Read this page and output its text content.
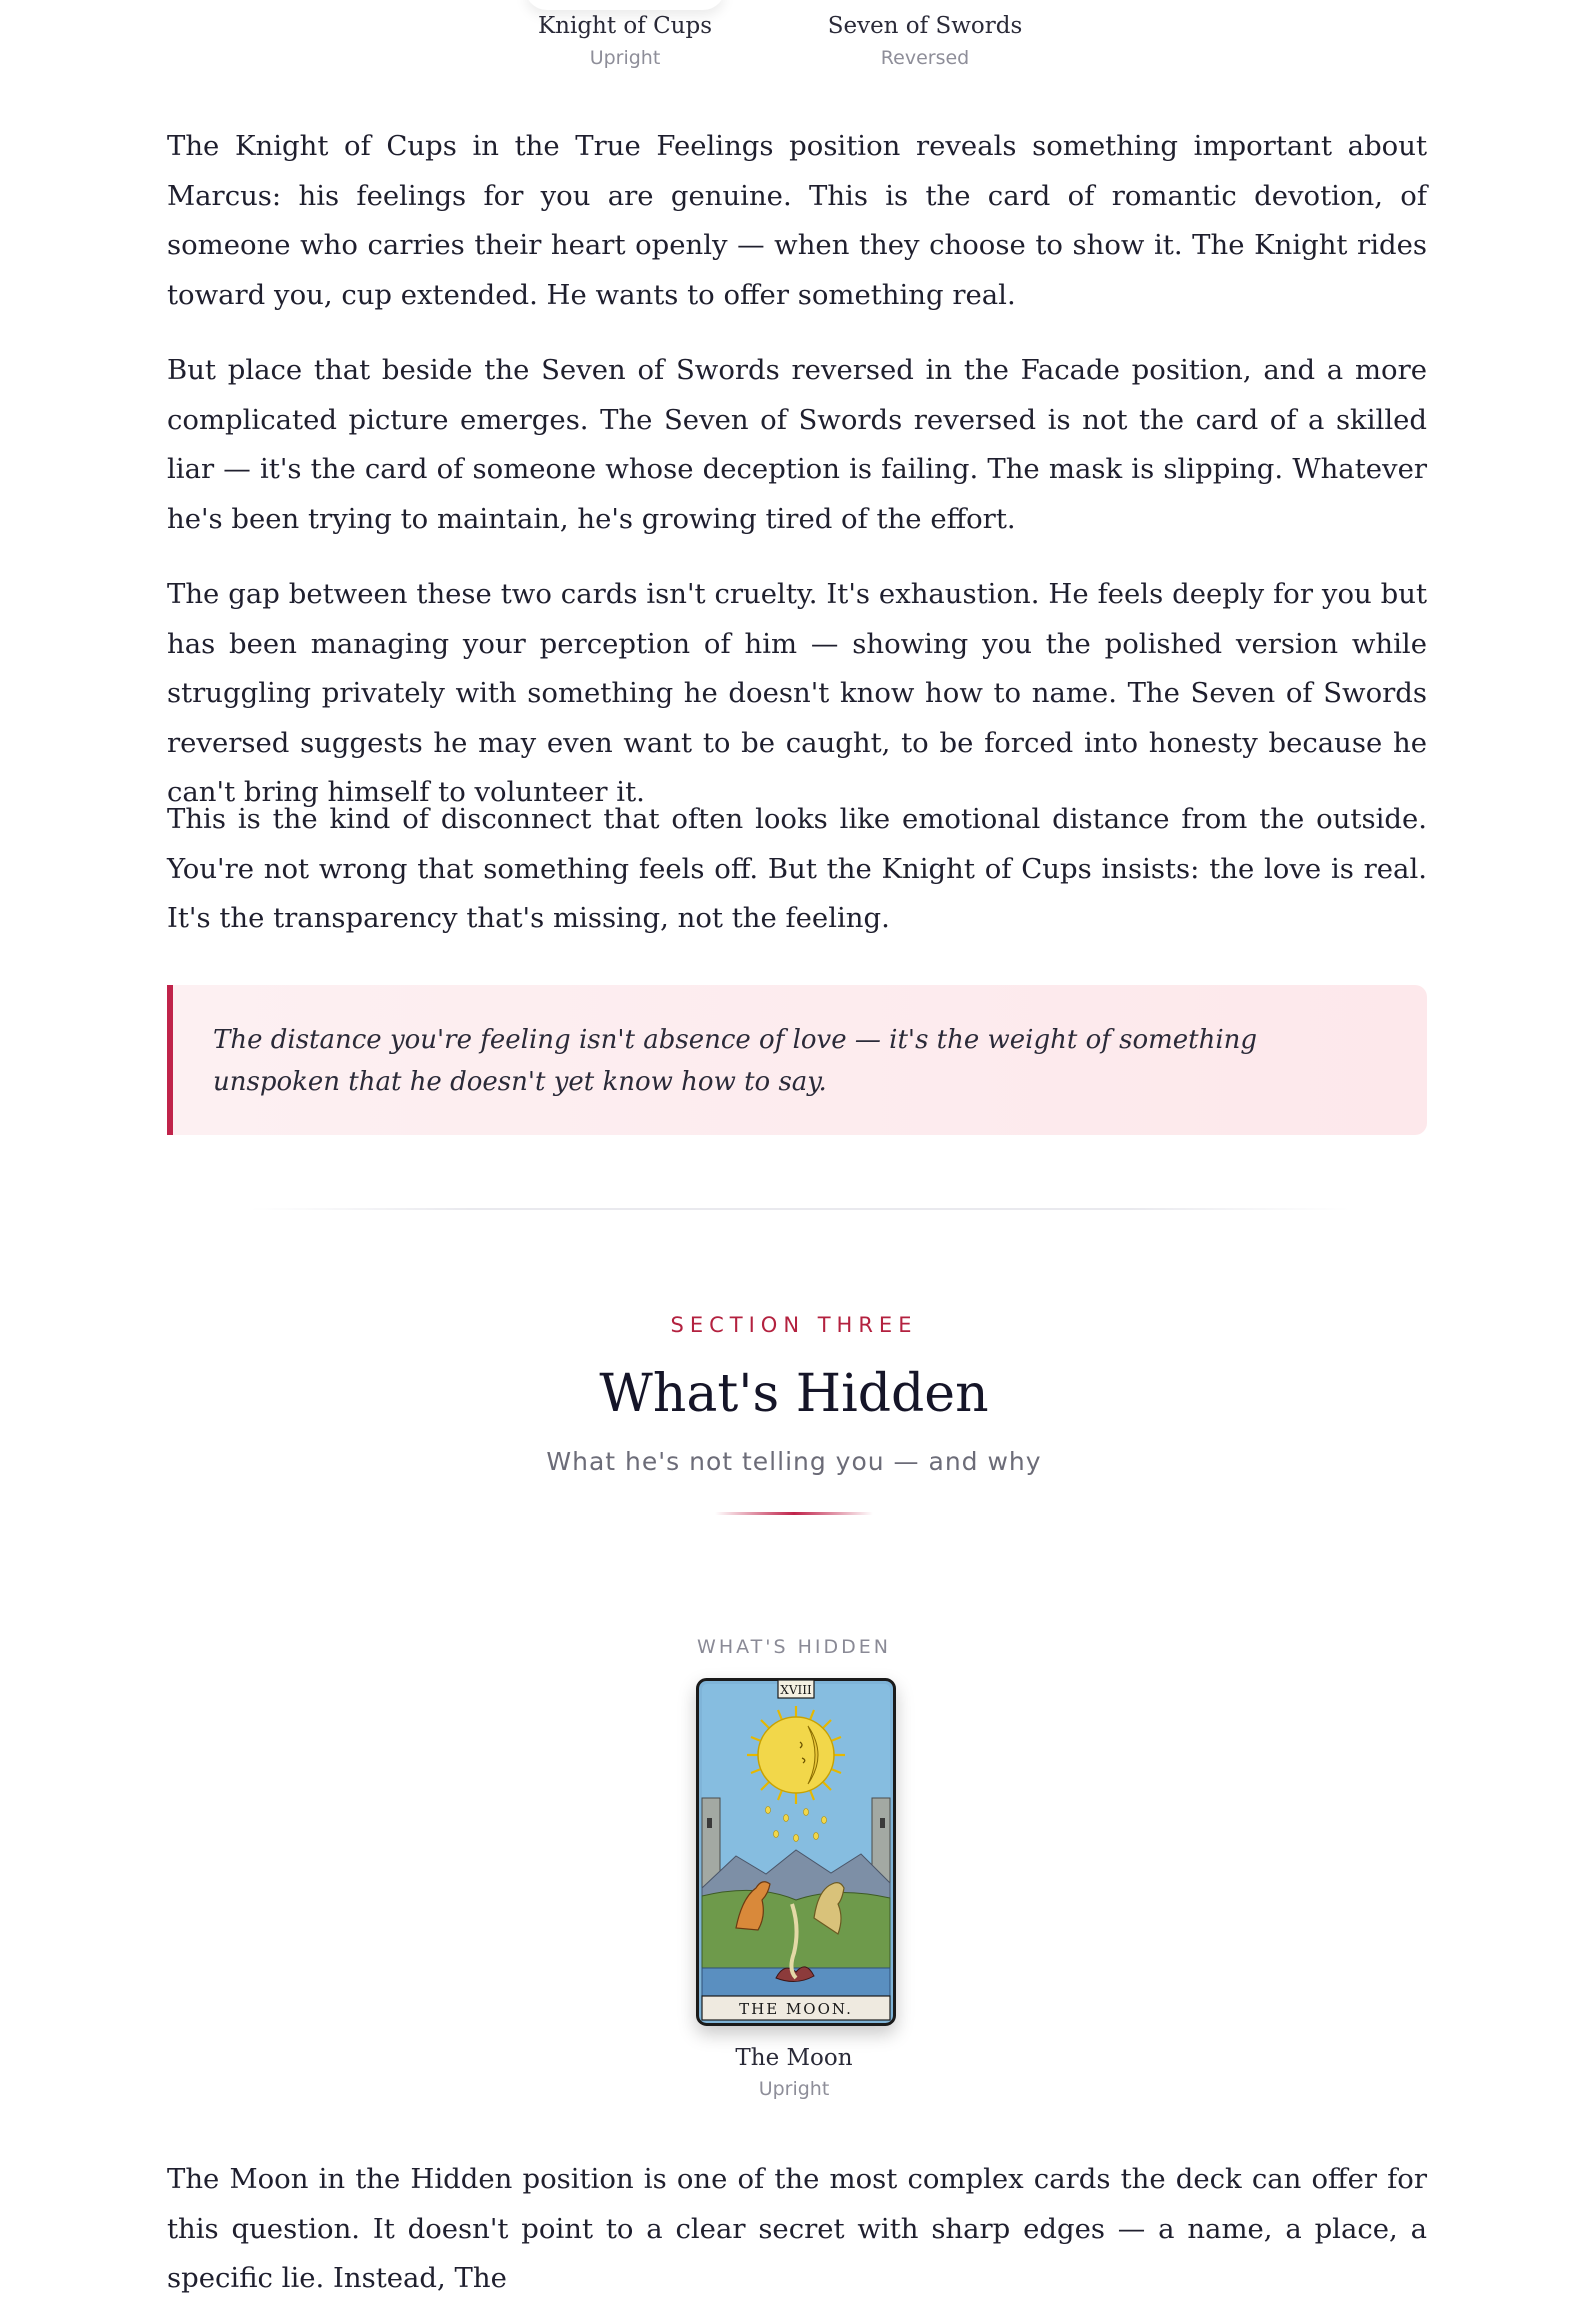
Knight of Cups
Upright
Seven of Swords
Reversed

The Knight of Cups in the True Feelings position reveals something important about Marcus: his feelings for you are genuine. This is the card of romantic devotion, of someone who carries their heart openly — when they choose to show it. The Knight rides toward you, cup extended. He wants to offer something real.

But place that beside the Seven of Swords reversed in the Facade position, and a more complicated picture emerges. The Seven of Swords reversed is not the card of a skilled liar — it's the card of someone whose deception is failing. The mask is slipping. Whatever he's been trying to maintain, he's growing tired of the effort.

The gap between these two cards isn't cruelty. It's exhaustion. He feels deeply for you but has been managing your perception of him — showing you the polished version while struggling privately with something he doesn't know how to name. The Seven of Swords reversed suggests he may even want to be caught, to be forced into honesty because he can't bring himself to volunteer it.

This is the kind of disconnect that often looks like emotional distance from the outside. You're not wrong that something feels off. But the Knight of Cups insists: the love is real. It's the transparency that's missing, not the feeling.

The distance you're feeling isn't absence of love — it's the weight of something unspoken that he doesn't yet know how to say.
SECTION THREE
What's Hidden
What he's not telling you — and why
WHAT'S HIDDEN
XVIII
THE MOON.
The Moon
Upright

The Moon in the Hidden position is one of the most complex cards the deck can offer for this question. It doesn't point to a clear secret with sharp edges — a name, a place, a specific lie. Instead, The
